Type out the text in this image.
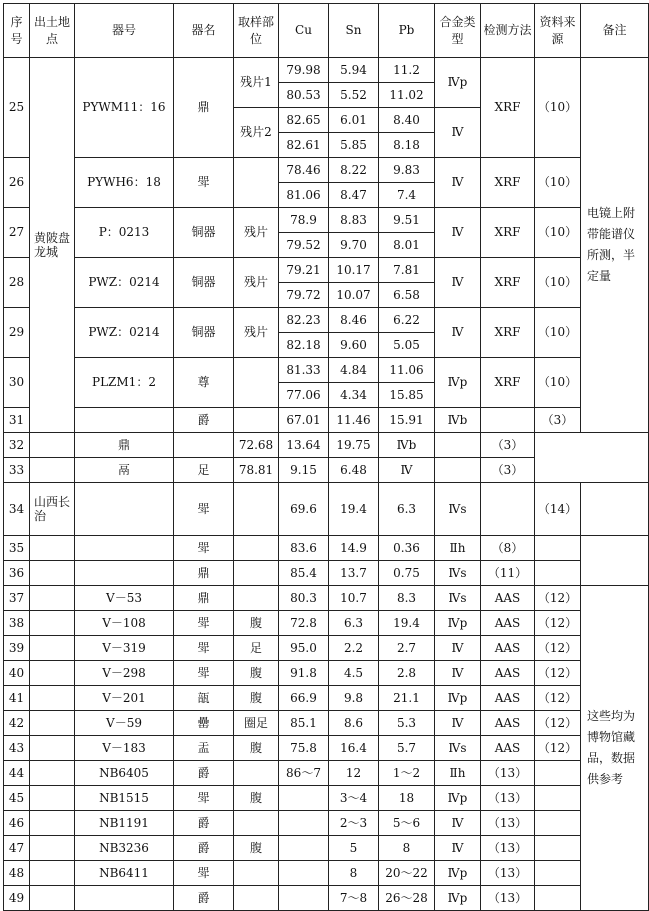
序号	出土地点	器号	器名	取样部位	Cu	Sn	Pb	合金类型	检测方法	资料来源	备注	
25	黄陂盘龙城	PYWM11：16	鼎	残片1	79.98	5.94	11.2	Ⅳp	XRF	（10）	电镜上附带能谱仪所测，半定量	
					80.53	5.52	11.02					
				残片2	82.65	6.01	8.40	Ⅳ				
					82.61	5.85	8.18					
26		PYWH6：18	斝		78.46	8.22	9.83	Ⅳ	XRF	（10）		
					81.06	8.47	7.4					
27		P：0213	铜器	残片	78.9	8.83	9.51	Ⅳ	XRF	（10）		
					79.52	9.70	8.01					
28		PWZ：0214	铜器	残片	79.21	10.17	7.81	Ⅳ	XRF	（10）		
					79.72	10.07	6.58					
29		PWZ：0214	铜器	残片	82.23	8.46	6.22	Ⅳ	XRF	（10）		
					82.18	9.60	5.05					
30		PLZM1：2	尊		81.33	4.84	11.06	Ⅳp	XRF	（10）		
					77.06	4.34	15.85					
31			爵		67.01	11.46	15.91	Ⅳb		（3）		
32		鼎		72.68	13.64	19.75	Ⅳb		（3）			
33		鬲	足	78.81	9.15	6.48	Ⅳ		（3）			
34	山西长治		斝		69.6	19.4	6.3	Ⅳs		（14）		
35			斝		83.6	14.9	0.36	Ⅱh	（8）			
36			鼎		85.4	13.7	0.75	Ⅳs	（11）			
37		V－53	鼎		80.3	10.7	8.3	Ⅳs	AAS	（12）	这些均为博物馆藏品，数据供参考	
38		V－108	斝	腹	72.8	6.3	19.4	Ⅳp	AAS	（12）		
39		V－319	斝	足	95.0	2.2	2.7	Ⅳ	AAS	（12）		
40		V－298	斝	腹	91.8	4.5	2.8	Ⅳ	AAS	（12）		
41		V－201	瓿	腹	66.9	9.8	21.1	Ⅳp	AAS	（12）		
42		V－59	罍	圈足	85.1	8.6	5.3	Ⅳ	AAS	（12）		
43		V－183	盂	腹	75.8	16.4	5.7	Ⅳs	AAS	（12）		
44		NB6405	爵		86～7	12	1～2	Ⅱh	（13）			
45		NB1515	斝	腹		3～4	18	Ⅳp	（13）			
46		NB1191	爵			2～3	5～6	Ⅳ	（13）			
47		NB3236	爵	腹		5	8	Ⅳ	（13）			
48		NB6411	斝			8	20～22	Ⅳp	（13）			
49			爵			7～8	26～28	Ⅳp	（13）			
